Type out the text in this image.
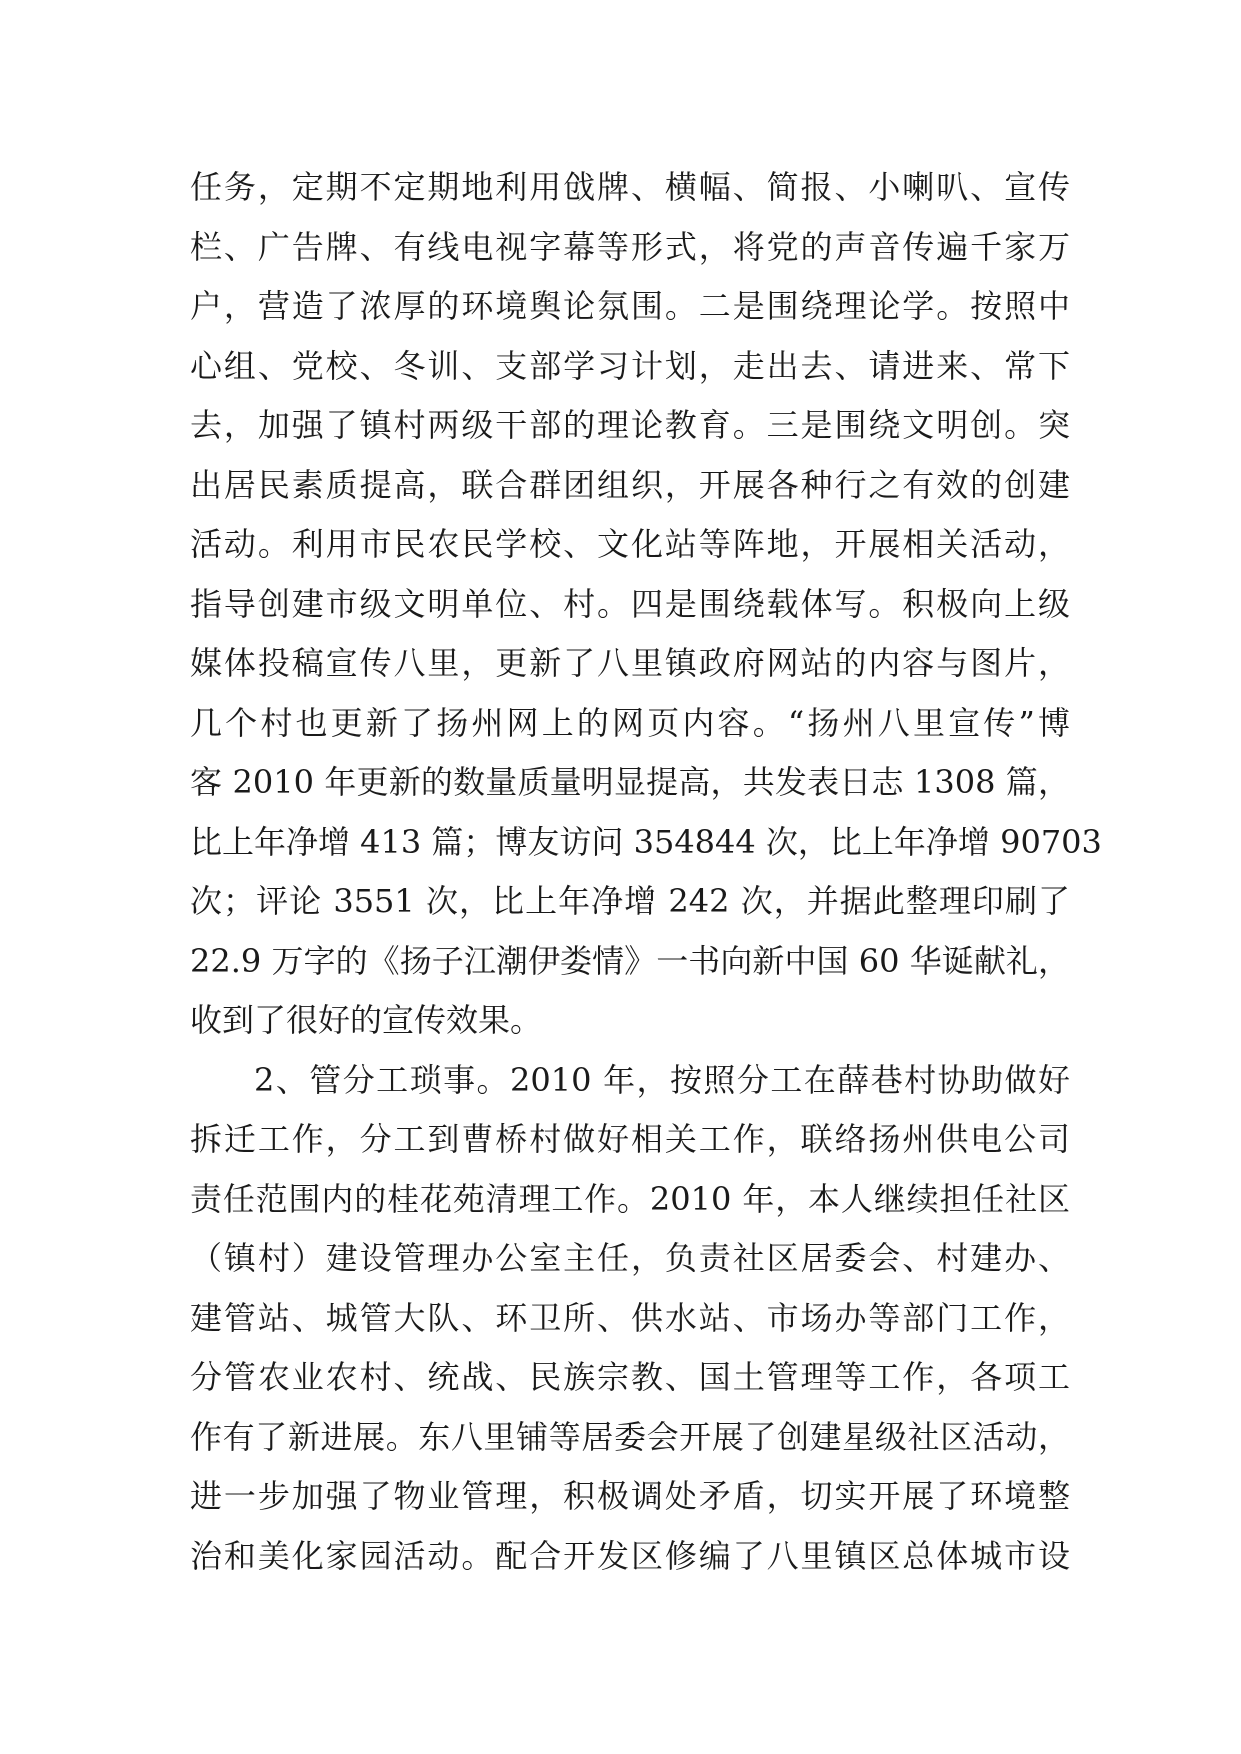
任务，定期不定期地利用戗牌、横幅、简报、小喇叭、宣传
栏、广告牌、有线电视字幕等形式，将党的声音传遍千家万
户，营造了浓厚的环境舆论氛围。二是围绕理论学。按照中
心组、党校、冬训、支部学习计划，走出去、请进来、常下
去，加强了镇村两级干部的理论教育。三是围绕文明创。突
出居民素质提高，联合群团组织，开展各种行之有效的创建
活动。利用市民农民学校、文化站等阵地，开展相关活动，
指导创建市级文明单位、村。四是围绕载体写。积极向上级
媒体投稿宣传八里，更新了八里镇政府网站的内容与图片，
几个村也更新了扬州网上的网页内容。“扬州八里宣传”博
客 2010 年更新的数量质量明显提高，共发表日志 1308 篇，
比上年净增 413 篇；博友访问 354844 次，比上年净增 90703
次；评论 3551 次，比上年净增 242 次，并据此整理印刷了
22.9 万字的《扬子江潮伊娄情》一书向新中国 60 华诞献礼，
收到了很好的宣传效果。
2、管分工琐事。2010 年，按照分工在薛巷村协助做好
拆迁工作，分工到曹桥村做好相关工作，联络扬州供电公司
责任范围内的桂花苑清理工作。2010 年，本人继续担任社区
（镇村）建设管理办公室主任，负责社区居委会、村建办、
建管站、城管大队、环卫所、供水站、市场办等部门工作，
分管农业农村、统战、民族宗教、国土管理等工作，各项工
作有了新进展。东八里铺等居委会开展了创建星级社区活动，
进一步加强了物业管理，积极调处矛盾，切实开展了环境整
治和美化家园活动。配合开发区修编了八里镇区总体城市设
